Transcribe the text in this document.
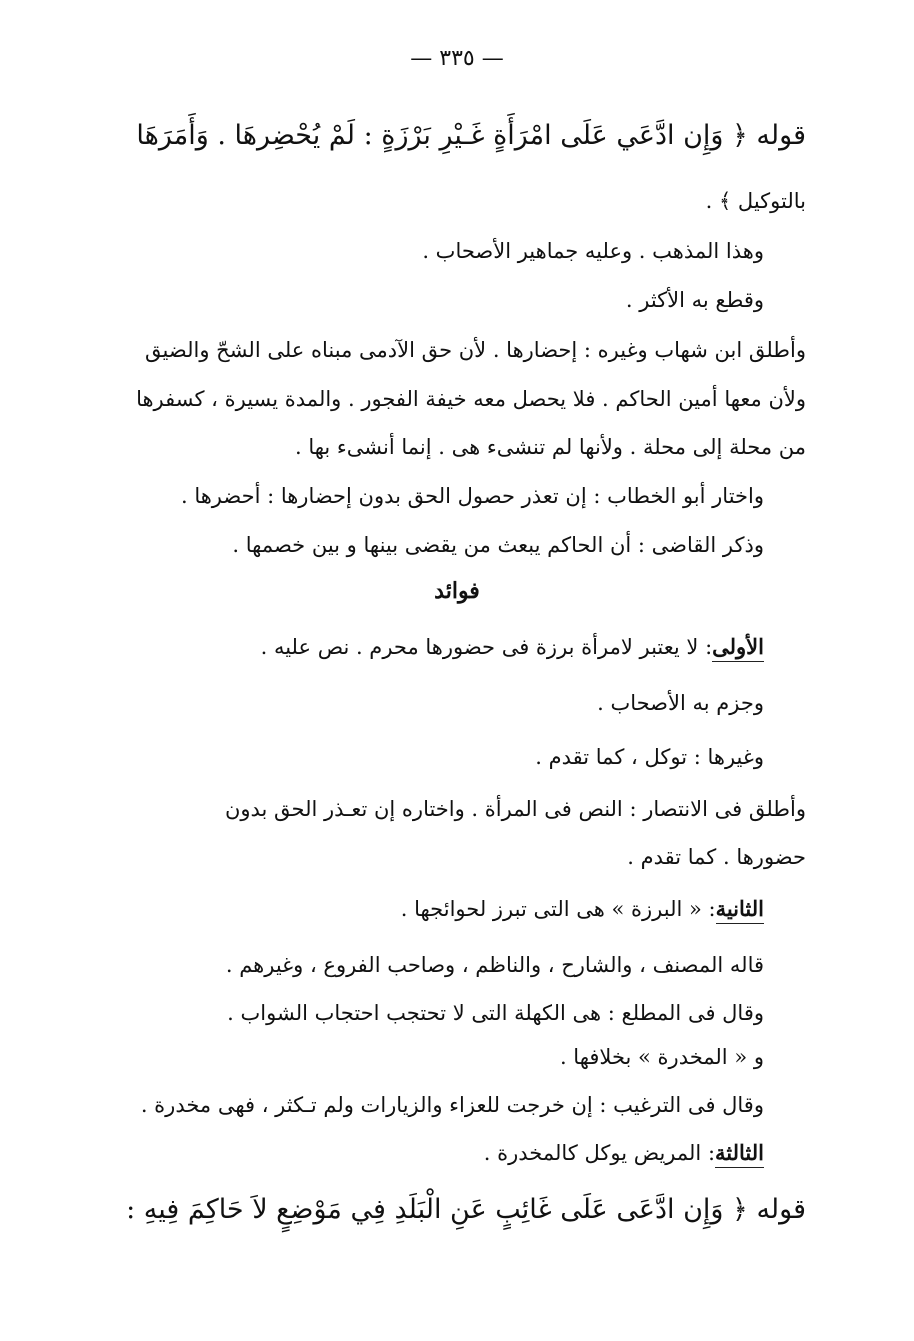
— ٣٣٥ —
قوله ﴿ وَإِن ادَّعَي عَلَى امْرَأَةٍ غَـيْرِ بَرْزَةٍ : لَمْ يُحْضِرهَا . وَأَمَرَهَا
بالتوكيل ﴾ .
وهذا المذهب . وعليه جماهير الأصحاب .
وقطع به الأكثر .
وأطلق ابن شهاب وغيره : إحضارها . لأن حق الآدمى مبناه على الشحّ والضيق
ولأن معها أمين الحاكم . فلا يحصل معه خيفة الفجور . والمدة يسيرة ، كسفرها
من محلة إلى محلة . ولأنها لم تنشىء هى . إنما أنشىء بها .
واختار أبو الخطاب : إن تعذر حصول الحق بدون إحضارها : أحضرها .
وذكر القاضى : أن الحاكم يبعث من يقضى بينها و بين خصمها .
فوائد
الأولى: لا يعتبر لامرأة برزة فى حضورها محرم . نص عليه .
وجزم به الأصحاب .
وغيرها : توكل ، كما تقدم .
وأطلق فى الانتصار : النص فى المرأة . واختاره إن تعـذر الحق بدون
حضورها . كما تقدم .
الثانية: « البرزة » هى التى تبرز لحوائجها .
قاله المصنف ، والشارح ، والناظم ، وصاحب الفروع ، وغيرهم .
وقال فى المطلع : هى الكهلة التى لا تحتجب احتجاب الشواب .
و « المخدرة » بخلافها .
وقال فى الترغيب : إن خرجت للعزاء والزيارات ولم تـكثر ، فهى مخدرة .
الثالثة: المريض يوكل كالمخدرة .
قوله ﴿ وَإِن ادَّعَى عَلَى غَائِبٍ عَنِ الْبَلَدِ فِي مَوْضِعٍ لاَ حَاكِمَ فِيهِ :
